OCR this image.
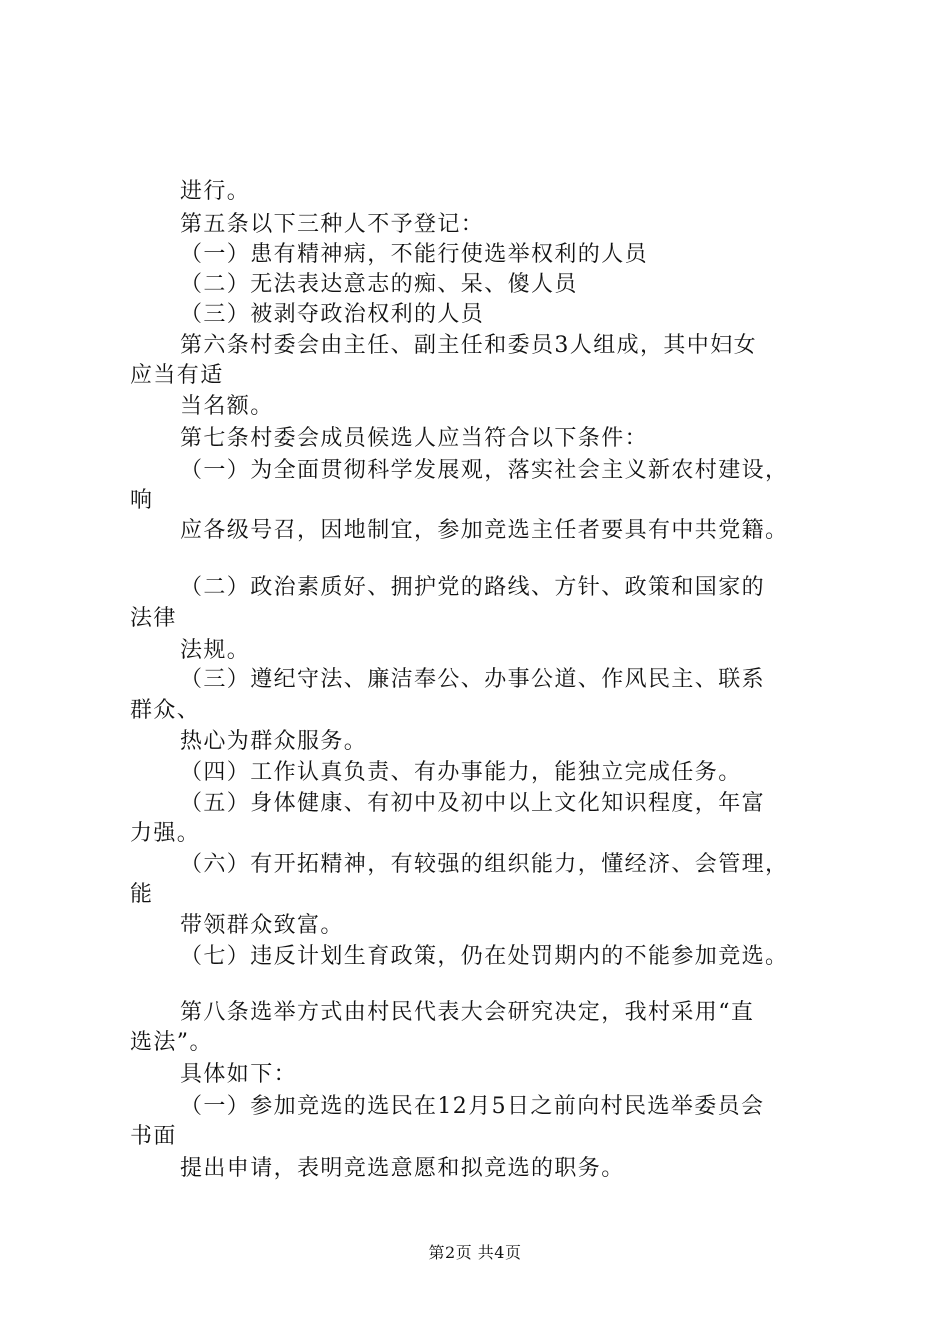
进行。
第五条以下三种人不予登记：
（一）患有精神病，不能行使选举权利的人员
（二）无法表达意志的痴、呆、傻人员
（三）被剥夺政治权利的人员
第六条村委会由主任、副主任和委员3人组成，其中妇女
应当有适
当名额。
第七条村委会成员候选人应当符合以下条件：
（一）为全面贯彻科学发展观，落实社会主义新农村建设，
响
应各级号召，因地制宜，参加竞选主任者要具有中共党籍。
（二）政治素质好、拥护党的路线、方针、政策和国家的
法律
法规。
（三）遵纪守法、廉洁奉公、办事公道、作风民主、联系
群众、
热心为群众服务。
（四）工作认真负责、有办事能力，能独立完成任务。
（五）身体健康、有初中及初中以上文化知识程度，年富
力强。
（六）有开拓精神，有较强的组织能力，懂经济、会管理，
能
带领群众致富。
（七）违反计划生育政策，仍在处罚期内的不能参加竞选。
第八条选举方式由村民代表大会研究决定，我村采用“直
选法”。
具体如下：
（一）参加竞选的选民在12月5日之前向村民选举委员会
书面
提出申请，表明竞选意愿和拟竞选的职务。
第2页 共4页
